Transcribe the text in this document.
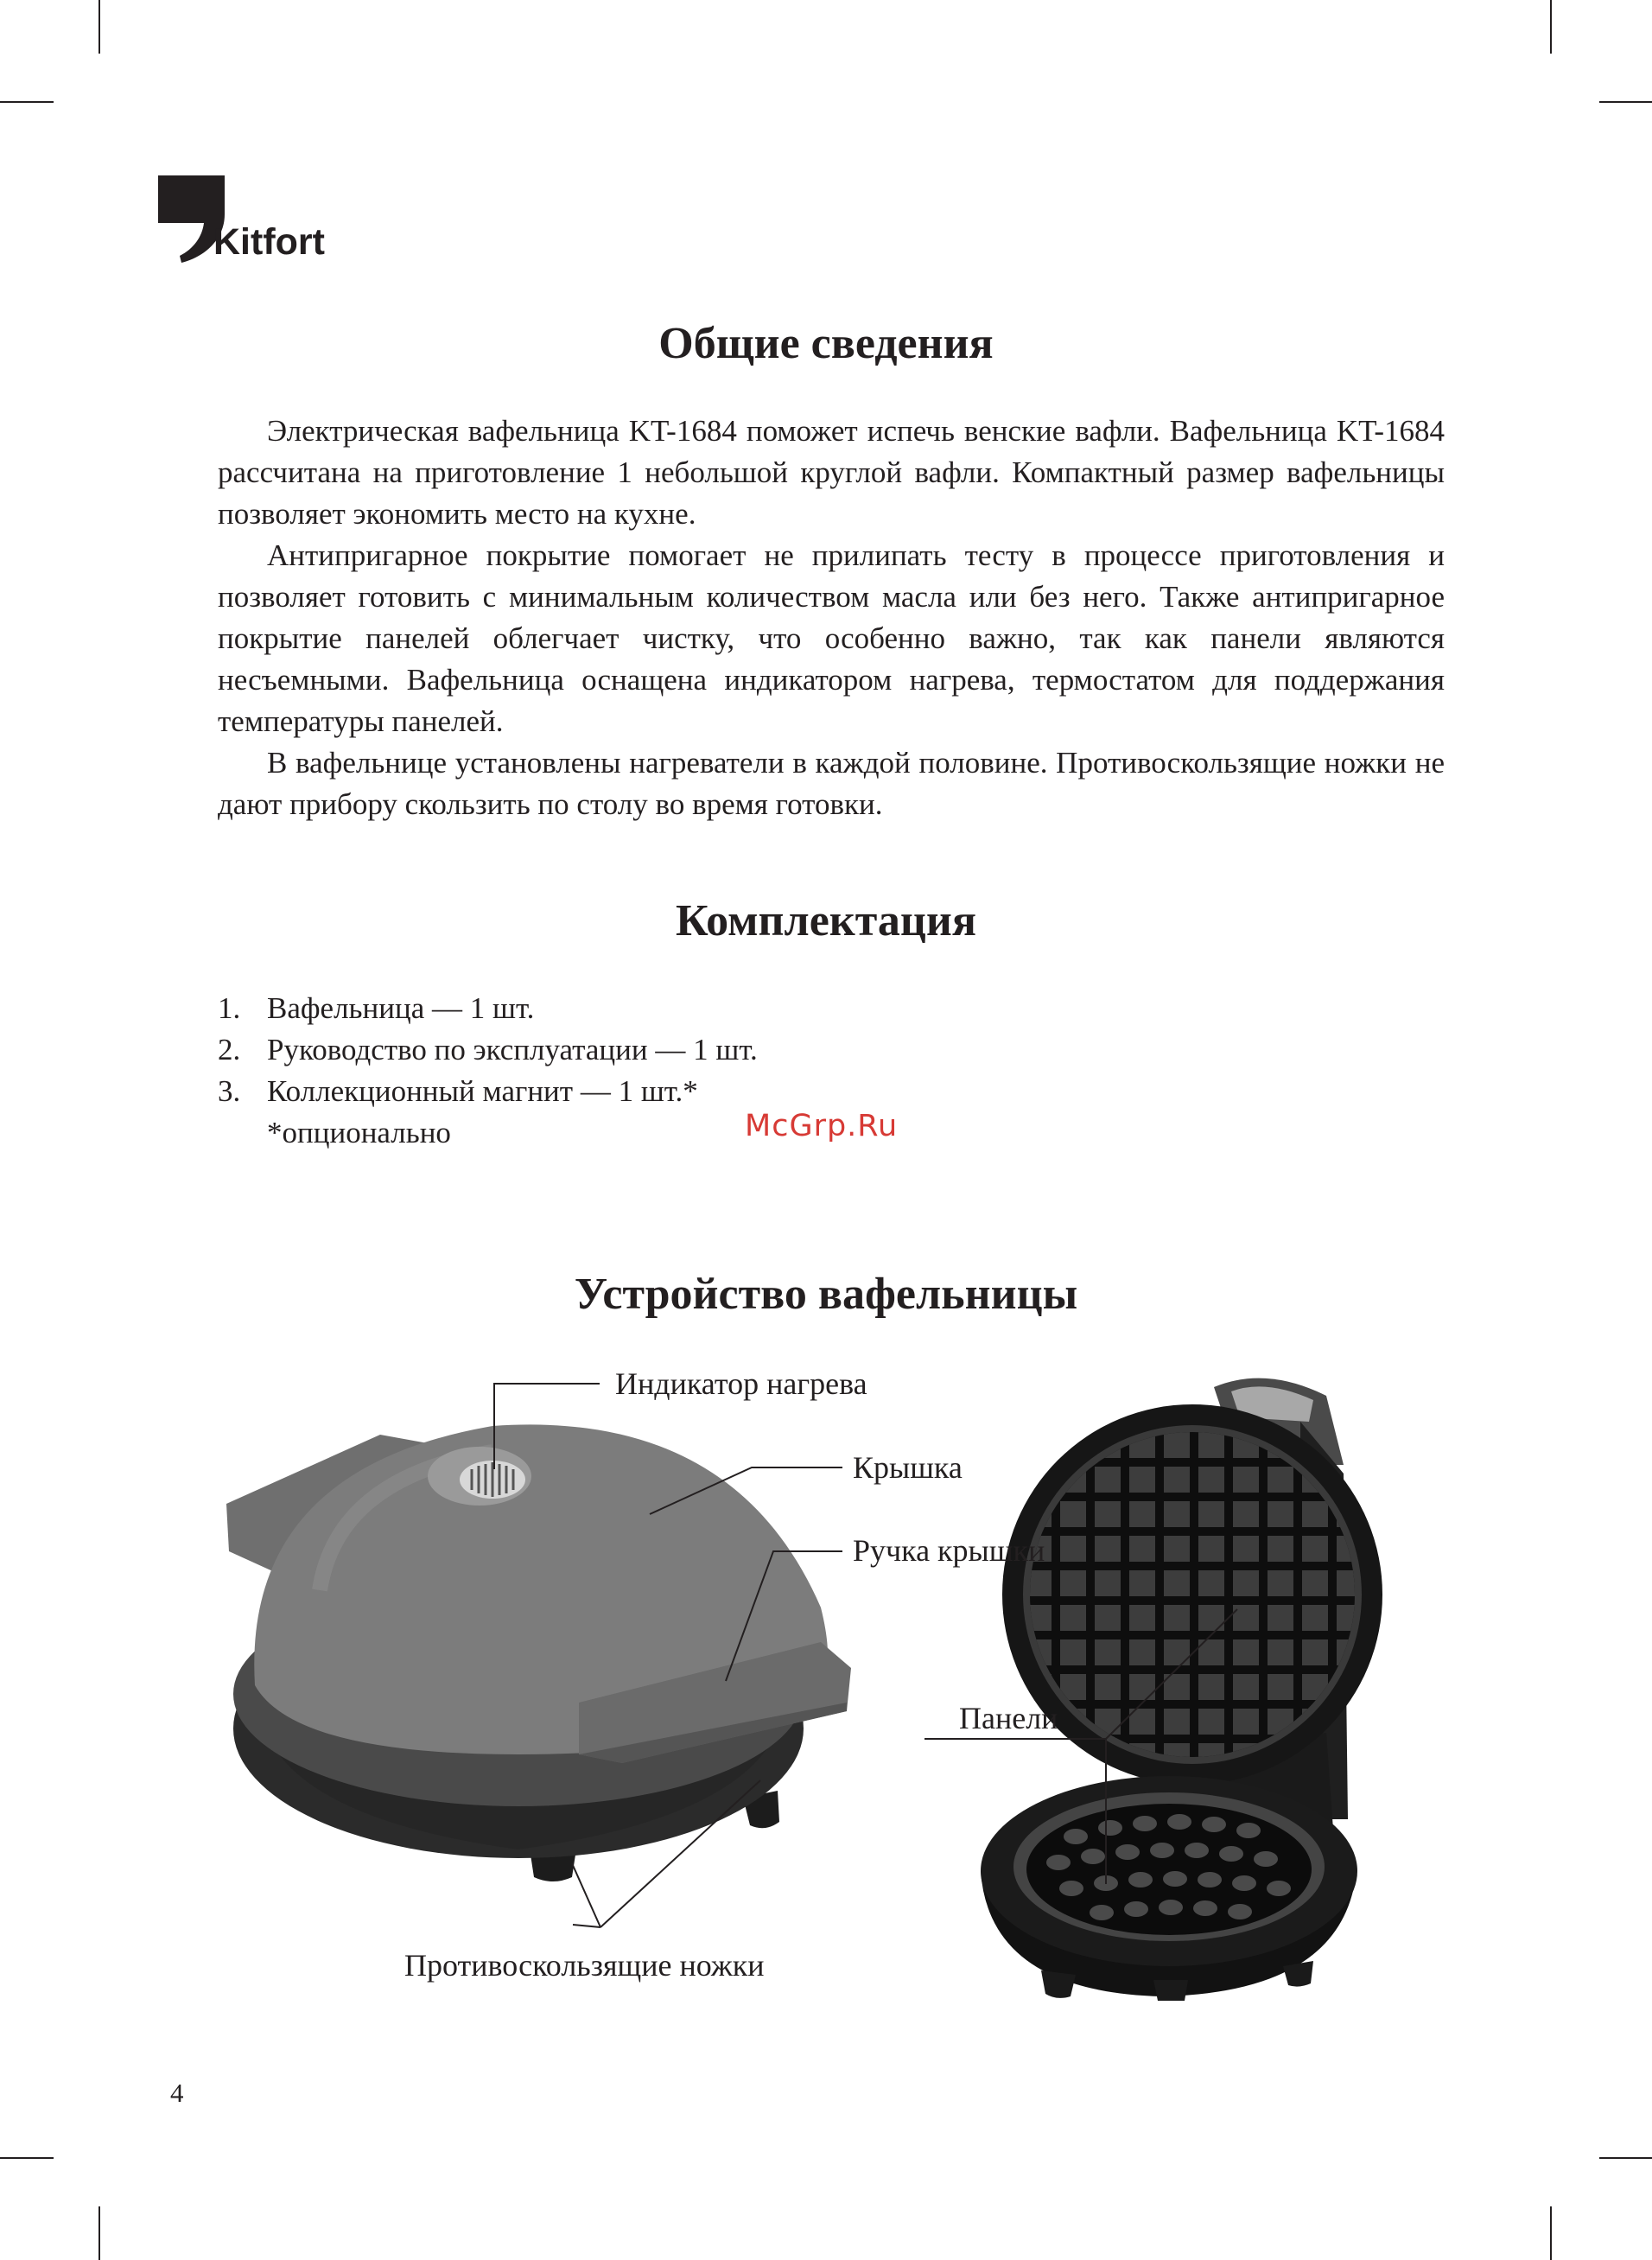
Kitfort
Общие сведения

Электрическая вафельница KT-1684 поможет испечь венские вафли. Вафельница KT-1684 рассчитана на приготовление 1 небольшой круглой вафли. Компактный размер вафельницы позволяет экономить место на кухне.

Антипригарное покрытие помогает не прилипать тесту в процессе приготовления и позволяет готовить с минимальным количеством масла или без него. Также антипригарное покрытие панелей облегчает чистку, что особенно важно, так как панели являются несъемными. Вафельница оснащена индикатором нагрева, термостатом для поддержания температуры панелей.

В вафельнице установлены нагреватели в каждой половине. Противоскользящие ножки не дают прибору скользить по столу во время готовки.

Комплектация
1. Вафельница — 1 шт.
2. Руководство по эксплуатации — 1 шт.
3. Коллекционный магнит — 1 шт.*
*опционально	McGrp.Ru
Устройство вафельницы
Индикатор нагрева
Крышка
Ручка крышки
Панели
Противоскользящие ножки
4
